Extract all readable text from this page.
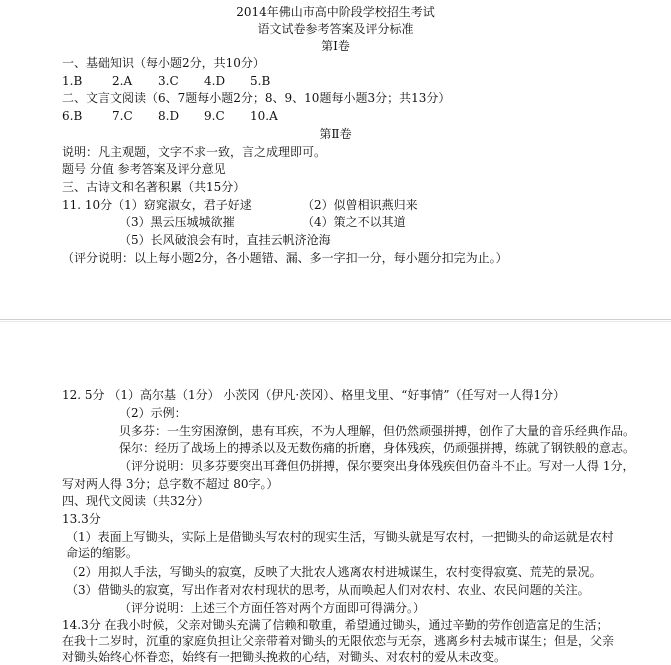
2014年佛山市高中阶段学校招生考试
语文试卷参考答案及评分标准
第Ⅰ卷
一、基础知识（每小题2分，共10分）
1.B 2.A 3.C 4.D 5.B
二、文言文阅读（6、7题每小题2分；8、9、10题每小题3分；共13分）
6.B 7.C 8.D 9.C 10.A
第Ⅱ卷
说明：凡主观题，文字不求一致，言之成理即可。
题号 分值 参考答案及评分意见
三、古诗文和名著积累（共15分）
11. 10分（1）窈窕淑女，君子好逑	（2）似曾相识燕归来
（3）黑云压城城欲摧	（4）策之不以其道
（5）长风破浪会有时，直挂云帆济沧海
（评分说明：以上每小题2分，各小题错、漏、多一字扣一分，每小题分扣完为止。）
12. 5分 （1）高尔基（1分） 小茨冈（伊凡·茨冈）、格里戈里、“好事情”（任写对一人得1分）
（2）示例：
贝多芬：一生穷困潦倒，患有耳疾，不为人理解，但仍然顽强拼搏，创作了大量的音乐经典作品。
保尔：经历了战场上的搏杀以及无数伤痛的折磨，身体残疾，仍顽强拼搏，练就了钢铁般的意志。
（评分说明：贝多芬要突出耳聋但仍拼搏，保尔要突出身体残疾但仍奋斗不止。写对一人得 1分，
写对两人得 3分；总字数不超过 80字。）
四、现代文阅读（共32分）
13.3分
（1）表面上写锄头，实际上是借锄头写农村的现实生活，写锄头就是写农村，一把锄头的命运就是农村命运的缩影。
（2）用拟人手法，写锄头的寂寞，反映了大批农人逃离农村进城谋生，农村变得寂寞、荒芜的景况。
（3）借锄头的寂寞，写出作者对农村现状的思考，从而唤起人们对农村、农业、农民问题的关注。
（评分说明：上述三个方面任答对两个方面即可得满分。）
14.3分 在我小时候，父亲对锄头充满了信赖和敬重，希望通过锄头，通过辛勤的劳作创造富足的生活；在我十二岁时，沉重的家庭负担让父亲带着对锄头的无限依恋与无奈，逃离乡村去城市谋生；但是，父亲对锄头始终心怀眷恋，始终有一把锄头挽救的心结，对锄头、对农村的爱从未改变。
